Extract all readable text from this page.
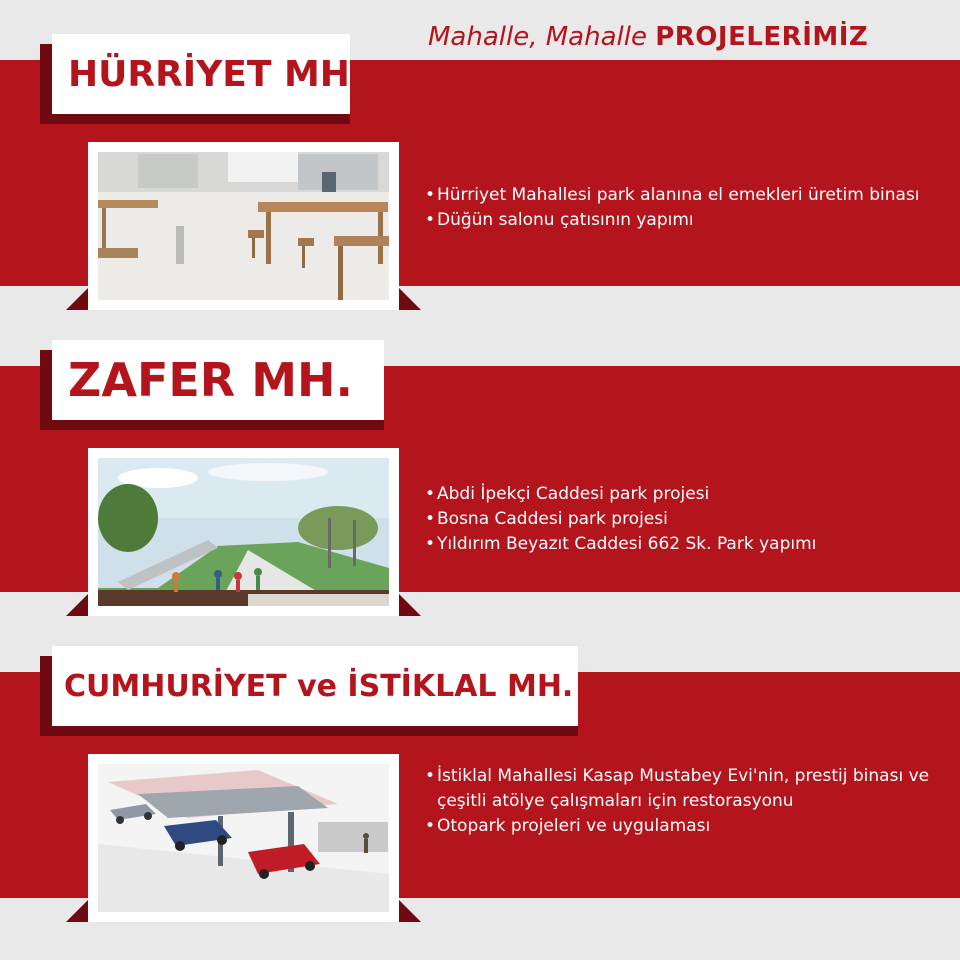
Mahalle, Mahalle PROJELERİMİZ
HÜRRİYET MH.
• Hürriyet Mahallesi park alanına el emekleri üretim binası
• Düğün salonu çatısının yapımı
ZAFER MH.
• Abdi İpekçi Caddesi park projesi
• Bosna Caddesi park projesi
• Yıldırım Beyazıt Caddesi 662 Sk. Park yapımı
CUMHURİYET ve İSTİKLAL MH.
• İstiklal Mahallesi Kasap Mustabey Evi'nin, prestij binası ve çeşitli atölye çalışmaları için restorasyonu
• Otopark projeleri ve uygulaması
